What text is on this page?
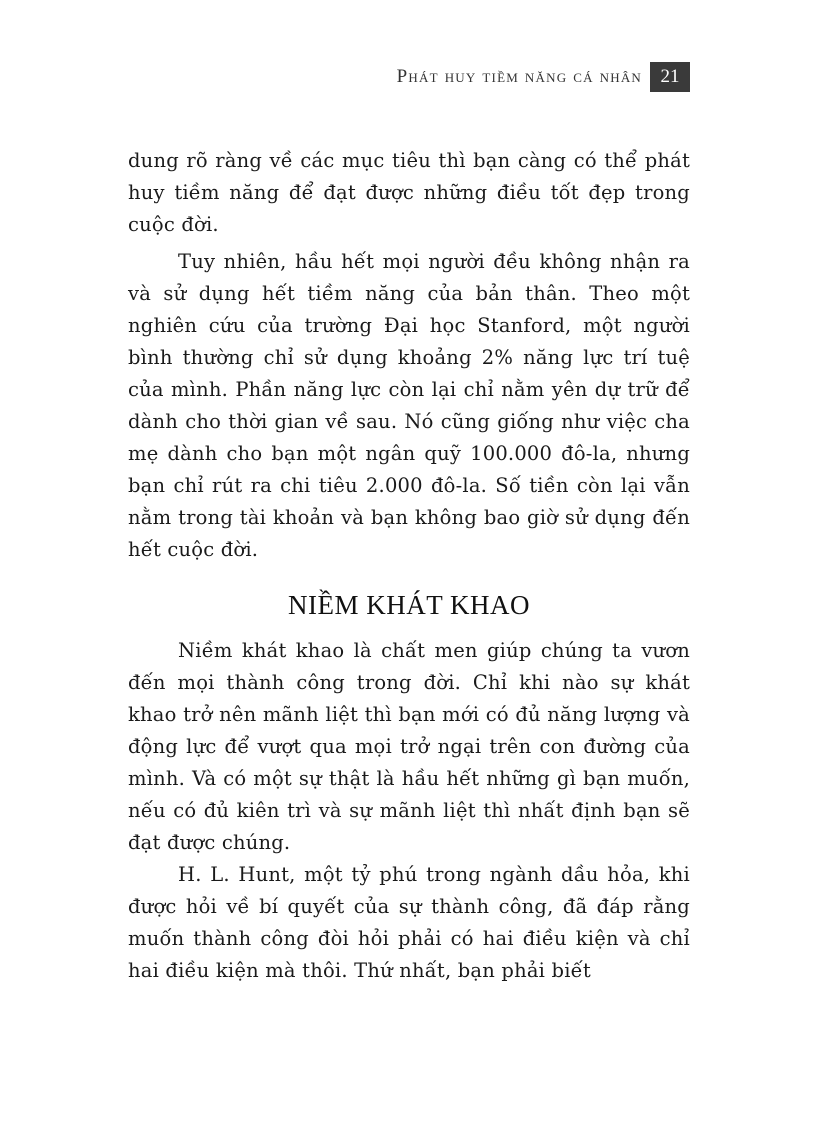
Phát huy tiềm năng cá nhân 21

dung rõ ràng về các mục tiêu thì bạn càng có thể phát huy tiềm năng để đạt được những điều tốt đẹp trong cuộc đời.

Tuy nhiên, hầu hết mọi người đều không nhận ra và sử dụng hết tiềm năng của bản thân. Theo một nghiên cứu của trường Đại học Stanford, một người bình thường chỉ sử dụng khoảng 2% năng lực trí tuệ của mình. Phần năng lực còn lại chỉ nằm yên dự trữ để dành cho thời gian về sau. Nó cũng giống như việc cha mẹ dành cho bạn một ngân quỹ 100.000 đô-la, nhưng bạn chỉ rút ra chi tiêu 2.000 đô-la. Số tiền còn lại vẫn nằm trong tài khoản và bạn không bao giờ sử dụng đến hết cuộc đời.

NIỀM KHÁT KHAO

Niềm khát khao là chất men giúp chúng ta vươn đến mọi thành công trong đời. Chỉ khi nào sự khát khao trở nên mãnh liệt thì bạn mới có đủ năng lượng và động lực để vượt qua mọi trở ngại trên con đường của mình. Và có một sự thật là hầu hết những gì bạn muốn, nếu có đủ kiên trì và sự mãnh liệt thì nhất định bạn sẽ đạt được chúng.

H. L. Hunt, một tỷ phú trong ngành dầu hỏa, khi được hỏi về bí quyết của sự thành công, đã đáp rằng muốn thành công đòi hỏi phải có hai điều kiện và chỉ hai điều kiện mà thôi. Thứ nhất, bạn phải biết
